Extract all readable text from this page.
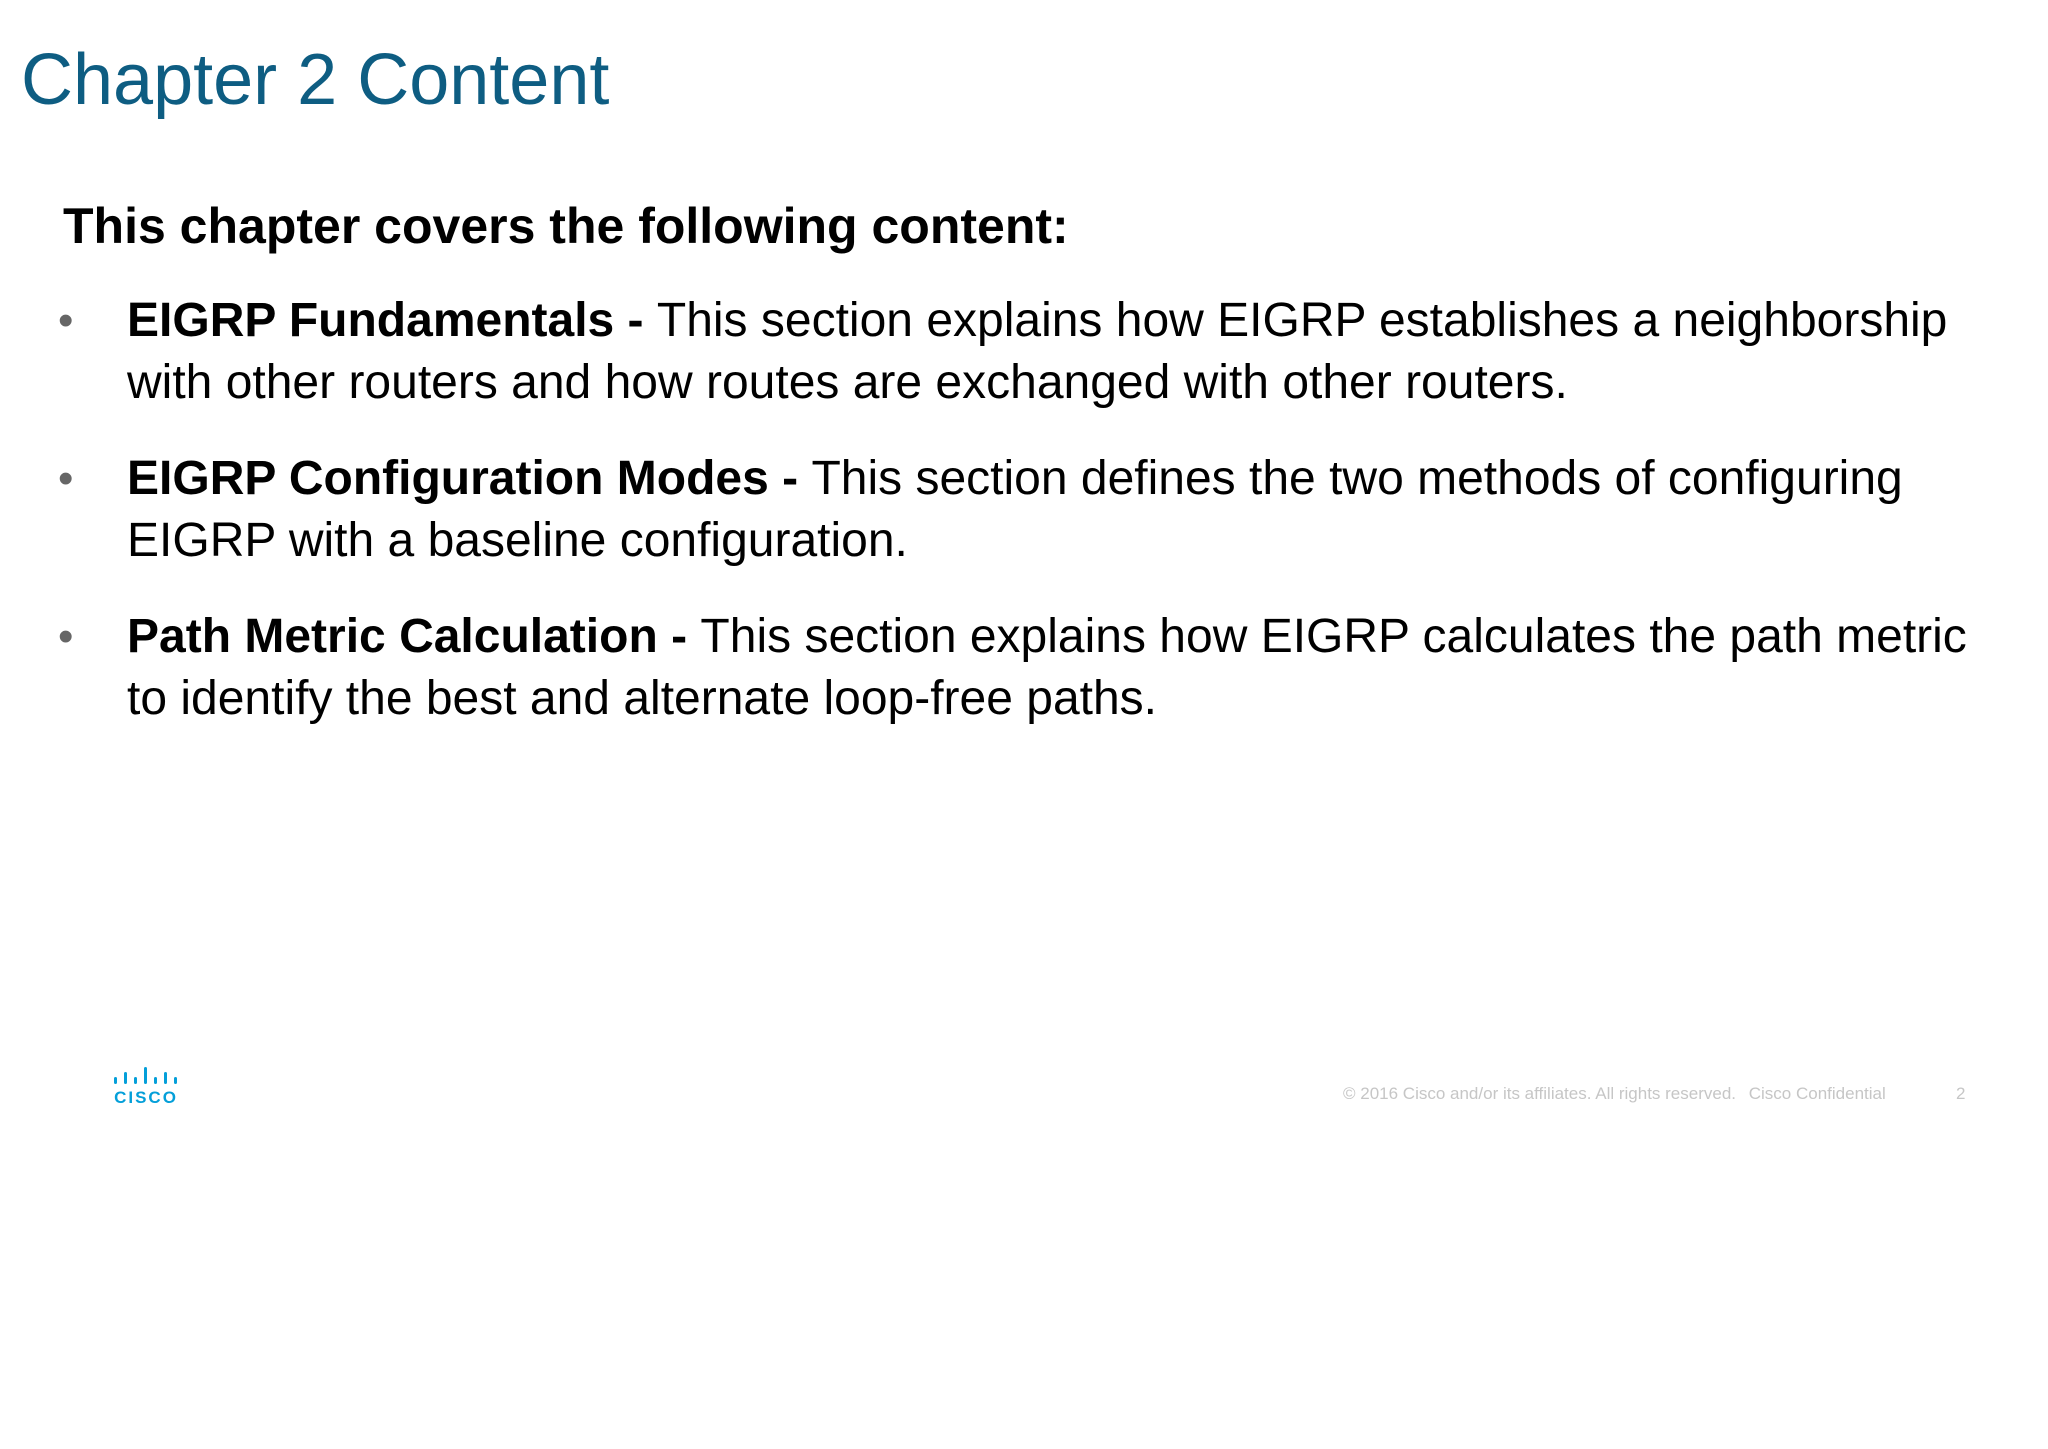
Chapter 2 Content

This chapter covers the following content:

• EIGRP Fundamentals - This section explains how EIGRP establishes a neighborship with other routers and how routes are exchanged with other routers.
• EIGRP Configuration Modes - This section defines the two methods of configuring EIGRP with a baseline configuration.
• Path Metric Calculation - This section explains how EIGRP calculates the path metric to identify the best and alternate loop-free paths.
CISCO	© 2016 Cisco and/or its affiliates. All rights reserved. Cisco Confidential	2
